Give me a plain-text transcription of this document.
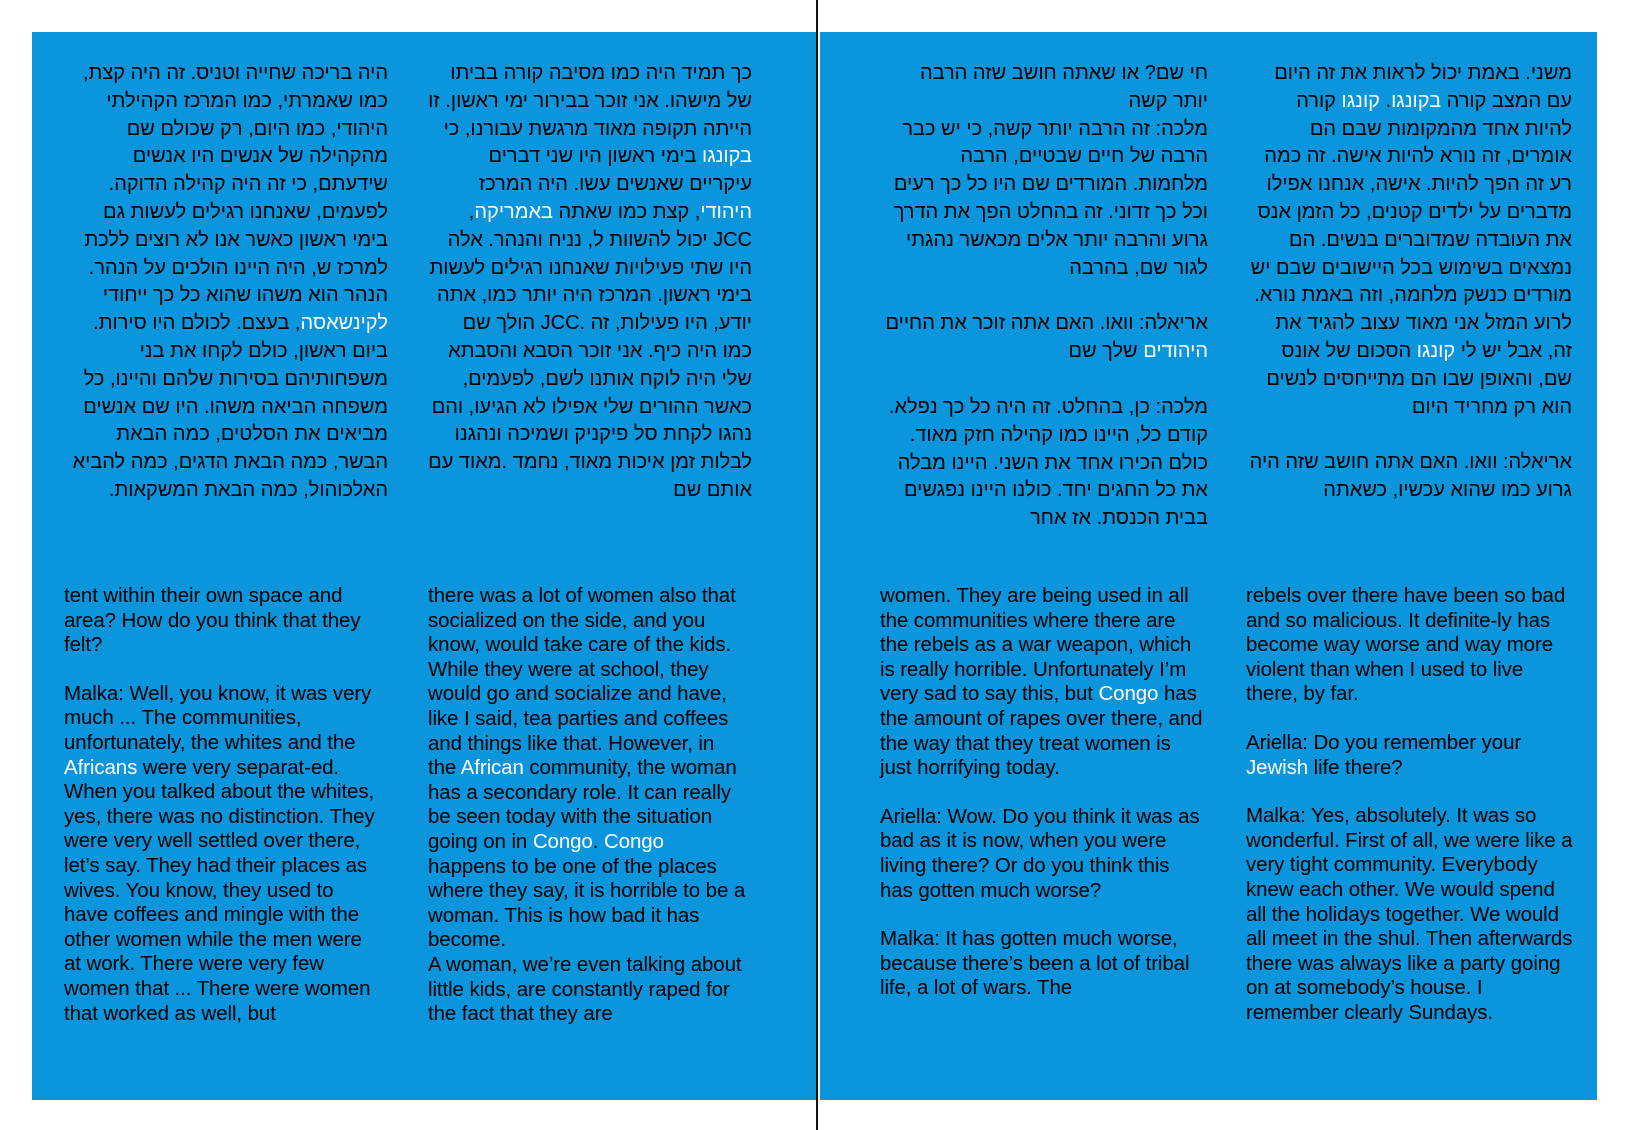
היה בריכה שחייה וטניס. זה היה קצת, כמו שאמרתי, כמו המרכז הקהילתי היהודי, כמו היום, רק שכולם שם מהקהילה של אנשים היו אנשים שידעתם, כי זה היה קהילה הדוקה. לפעמים, שאנחנו רגילים לעשות גם בימי ראשון כאשר אנו לא רוצים ללכת למרכז ש, היה היינו הולכים על הנהר. הנהר הוא משהו שהוא כל כך ייחודי לקינשאסה, בעצם. לכולם היו סירות. ביום ראשון, כולם לקחו את בני משפחותיהם בסירות שלהם והיינו, כל משפחה הביאה משהו. היו שם אנשים מביאים את הסלטים, כמה הבאת הבשר, כמה הבאת הדגים, כמה להביא האלכוהול, כמה הבאת המשקאות.

כך תמיד היה כמו מסיבה קורה בביתו של מישהו. אני זוכר בבירור ימי ראשון. זו הייתה תקופה מאוד מרגשת עבורנו, כי בקונגו בימי ראשון היו שני דברים עיקריים שאנשים עשו. היה המרכז היהודי, קצת כמו שאתה באמריקה, JCC יכול להשוות ל, נניח והנהר. אלה היו שתי פעילויות שאנחנו רגילים לעשות בימי ראשון. המרכז היה יותר כמו, אתה יודע, היו פעילות, זה .JCC הולך שם כמו היה כיף. אני זוכר הסבא והסבתא שלי היה לוקח אותנו לשם, לפעמים, כאשר ההורים שלי אפילו לא הגיעו, והם נהגו לקחת סל פיקניק ושמיכה ונהגנו לבלות זמן איכות מאוד, נחמד .מאוד עם אותם שם

חי שם? או שאתה חושב שזה הרבה יותר קשה

מלכה: זה הרבה יותר קשה, כי יש כבר הרבה של חיים שבטיים, הרבה מלחמות. המורדים שם היו כל כך רעים וכל כך זדוני. זה בהחלט הפך את הדרך גרוע והרבה יותר אלים מכאשר נהגתי לגור שם, בהרבה

אריאלה: וואו. האם אתה זוכר את החיים היהודים שלך שם

מלכה: כן, בהחלט. זה היה כל כך נפלא. קודם כל, היינו כמו קהילה חזק מאוד. כולם הכירו אחד את השני. היינו מבלה את כל החגים יחד. כולנו היינו נפגשים בבית הכנסת. אז אחר

משני. באמת יכול לראות את זה היום עם המצב קורה בקונגו. קונגו קורה להיות אחד מהמקומות שבם הם אומרים, זה נורא להיות אישה. זה כמה רע זה הפך להיות. אישה, אנחנו אפילו מדברים על ילדים קטנים, כל הזמן אנס את העובדה שמדוברים בנשים. הם נמצאים בשימוש בכל היישובים שבם יש מורדים כנשק מלחמה, וזה באמת נורא. לרוע המזל אני מאוד עצוב להגיד את זה, אבל יש לי קונגו הסכום של אונס שם, והאופן שבו הם מתייחסים לנשים הוא רק מחריד היום

אריאלה: וואו. האם אתה חושב שזה היה גרוע כמו שהוא עכשיו, כשאתה

tent within their own space and area? How do you think that they felt?

Malka: Well, you know, it was very much ... The communities, unfortunately, the whites and the Africans were very separat-ed. When you talked about the whites, yes, there was no distinction. They were very well settled over there, let’s say. They had their places as wives. You know, they used to have coffees and mingle with the other women while the men were at work. There were very few women that ... There were women that worked as well, but

there was a lot of women also that socialized on the side, and you know, would take care of the kids. While they were at school, they would go and socialize and have, like I said, tea parties and coffees and things like that. However, in the African community, the woman has a secondary role. It can really be seen today with the situation going on in Congo. Congo happens to be one of the places where they say, it is horrible to be a woman. This is how bad it has become.

A woman, we’re even talking about little kids, are constantly raped for the fact that they are

women. They are being used in all the communities where there are the rebels as a war weapon, which is really horrible. Unfortunately I’m very sad to say this, but Congo has the amount of rapes over there, and the way that they treat women is just horrifying today.

Ariella: Wow. Do you think it was as bad as it is now, when you were living there? Or do you think this has gotten much worse?

Malka: It has gotten much worse, because there’s been a lot of tribal life, a lot of wars. The

rebels over there have been so bad and so malicious. It definite-ly has become way worse and way more violent than when I used to live there, by far.

Ariella: Do you remember your Jewish life there?

Malka: Yes, absolutely. It was so wonderful. First of all, we were like a very tight community. Everybody knew each other. We would spend all the holidays together. We would all meet in the shul. Then afterwards there was always like a party going on at somebody’s house. I remember clearly Sundays.
